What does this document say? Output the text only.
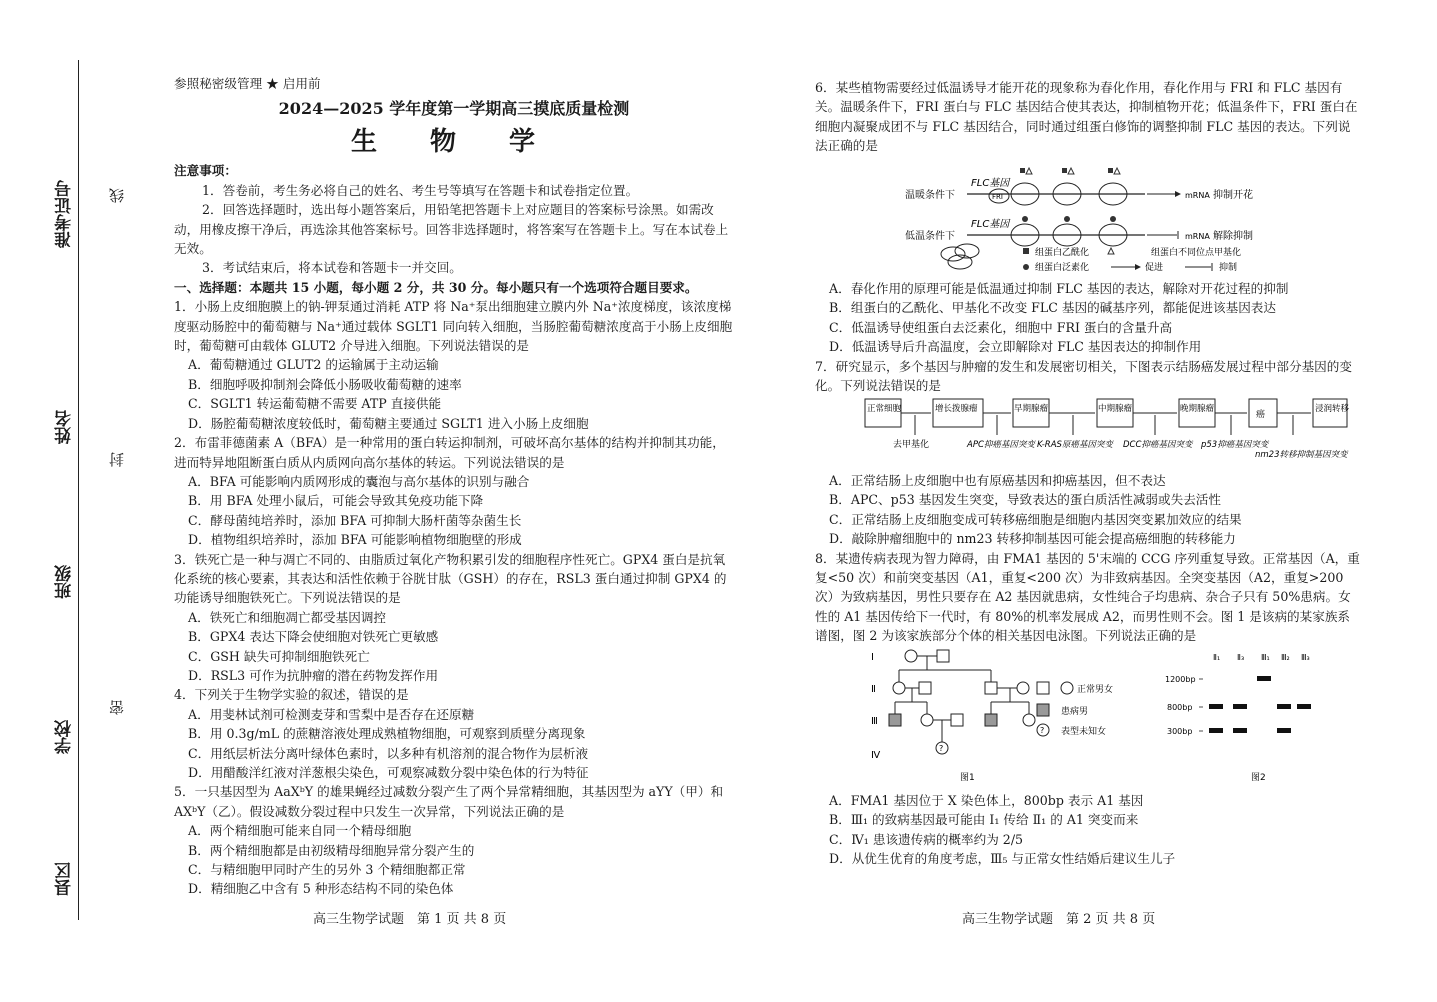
准考证号
姓名
班级
学校
县区
线
封
密

参照秘密级管理 ★ 启用前

2024—2025 学年度第一学期高三摸底质量检测
生 物 学

注意事项：

1．答卷前，考生务必将自己的姓名、考生号等填写在答题卡和试卷指定位置。

2．回答选择题时，选出每小题答案后，用铅笔把答题卡上对应题目的答案标号涂黑。如需改动，用橡皮擦干净后，再选涂其他答案标号。回答非选择题时，将答案写在答题卡上。写在本试卷上无效。

3．考试结束后，将本试卷和答题卡一并交回。

一、选择题：本题共 15 小题，每小题 2 分，共 30 分。每小题只有一个选项符合题目要求。

1．小肠上皮细胞膜上的钠-钾泵通过消耗 ATP 将 Na⁺泵出细胞建立膜内外 Na⁺浓度梯度，该浓度梯度驱动肠腔中的葡萄糖与 Na⁺通过载体 SGLT1 同向转入细胞，当肠腔葡萄糖浓度高于小肠上皮细胞时，葡萄糖可由载体 GLUT2 介导进入细胞。下列说法错误的是

A．葡萄糖通过 GLUT2 的运输属于主动运输

B．细胞呼吸抑制剂会降低小肠吸收葡萄糖的速率

C．SGLT1 转运葡萄糖不需要 ATP 直接供能

D．肠腔葡萄糖浓度较低时，葡萄糖主要通过 SGLT1 进入小肠上皮细胞

2．布雷菲德菌素 A（BFA）是一种常用的蛋白转运抑制剂，可破坏高尔基体的结构并抑制其功能，进而特异地阻断蛋白质从内质网向高尔基体的转运。下列说法错误的是

A．BFA 可能影响内质网形成的囊泡与高尔基体的识别与融合

B．用 BFA 处理小鼠后，可能会导致其免疫功能下降

C．酵母菌纯培养时，添加 BFA 可抑制大肠杆菌等杂菌生长

D．植物组织培养时，添加 BFA 可能影响植物细胞壁的形成

3．铁死亡是一种与凋亡不同的、由脂质过氧化产物积累引发的细胞程序性死亡。GPX4 蛋白是抗氧化系统的核心要素，其表达和活性依赖于谷胱甘肽（GSH）的存在，RSL3 蛋白通过抑制 GPX4 的功能诱导细胞铁死亡。下列说法错误的是

A．铁死亡和细胞凋亡都受基因调控

B．GPX4 表达下降会使细胞对铁死亡更敏感

C．GSH 缺失可抑制细胞铁死亡

D．RSL3 可作为抗肿瘤的潜在药物发挥作用

4．下列关于生物学实验的叙述，错误的是

A．用斐林试剂可检测麦芽和雪梨中是否存在还原糖

B．用 0.3g/mL 的蔗糖溶液处理成熟植物细胞，可观察到质壁分离现象

C．用纸层析法分离叶绿体色素时，以多种有机溶剂的混合物作为层析液

D．用醋酸洋红液对洋葱根尖染色，可观察减数分裂中染色体的行为特征

5．一只基因型为 AaXᵇY 的雄果蝇经过减数分裂产生了两个异常精细胞，其基因型为 aYY（甲）和 AXᵇY（乙）。假设减数分裂过程中只发生一次异常，下列说法正确的是

A．两个精细胞可能来自同一个精母细胞

B．两个精细胞都是由初级精母细胞异常分裂产生的

C．与精细胞甲同时产生的另外 3 个精细胞都正常

D．精细胞乙中含有 5 种形态结构不同的染色体

6．某些植物需要经过低温诱导才能开花的现象称为春化作用，春化作用与 FRI 和 FLC 基因有关。温暖条件下，FRI 蛋白与 FLC 基因结合使其表达，抑制植物开花；低温条件下，FRI 蛋白在细胞内凝聚成团不与 FLC 基因结合，同时通过组蛋白修饰的调整抑制 FLC 基因的表达。下列说法正确的是

温暖条件下
低温条件下
FLC基因
FLC基因
FRI	mRNA 抑制开花
mRNA 解除抑制
组蛋白乙酰化	组蛋白不同位点甲基化
组蛋白泛素化	促进	抑制

A．春化作用的原理可能是低温通过抑制 FLC 基因的表达，解除对开花过程的抑制

B．组蛋白的乙酰化、甲基化不改变 FLC 基因的碱基序列，都能促进该基因表达

C．低温诱导使组蛋白去泛素化，细胞中 FRI 蛋白的含量升高

D．低温诱导后升高温度，会立即解除对 FLC 基因表达的抑制作用

7．研究显示，多个基因与肿瘤的发生和发展密切相关，下图表示结肠癌发展过程中部分基因的变化。下列说法错误的是

正常细胞	增长拨腺瘤	早期腺瘤	中期腺瘤	晚期腺瘤
癌
浸润转移
去甲基化	APC抑癌基因突变 K-RAS原癌基因突变 DCC抑癌基因突变 p53抑癌基因突变
nm23转移抑制基因突变

A．正常结肠上皮细胞中也有原癌基因和抑癌基因，但不表达

B．APC、p53 基因发生突变，导致表达的蛋白质活性减弱或失去活性

C．正常结肠上皮细胞变成可转移癌细胞是细胞内基因突变累加效应的结果

D．敲除肿瘤细胞中的 nm23 转移抑制基因可能会提高癌细胞的转移能力

8．某遗传病表现为智力障碍，由 FMA1 基因的 5'末端的 CCG 序列重复导致。正常基因（A，重复<50 次）和前突变基因（A1，重复<200 次）为非致病基因。全突变基因（A2，重复>200 次）为致病基因，男性只要存在 A2 基因就患病，女性纯合子均患病、杂合子只有 50%患病。女性的 A1 基因传给下一代时，有 80%的机率发展成 A2，而男性则不会。图 1 是该病的某家族系谱图，图 2 为该家族部分个体的相关基因电泳图。下列说法正确的是

Ⅰ
Ⅱ
Ⅲ
Ⅳ
?
?
正常男女
患病男
表型未知女
图1
Ⅱ₁ Ⅱ₃ Ⅲ₁ Ⅲ₂ Ⅲ₃
1200bp
800bp
300bp
图2

A．FMA1 基因位于 X 染色体上，800bp 表示 A1 基因

B．Ⅲ₁ 的致病基因最可能由 Ⅰ₁ 传给 Ⅱ₁ 的 A1 突变而来

C．Ⅳ₁ 患该遗传病的概率约为 2/5

D．从优生优育的角度考虑，Ⅲ₅ 与正常女性结婚后建议生儿子

高三生物学试题　第 1 页 共 8 页	高三生物学试题　第 2 页 共 8 页
